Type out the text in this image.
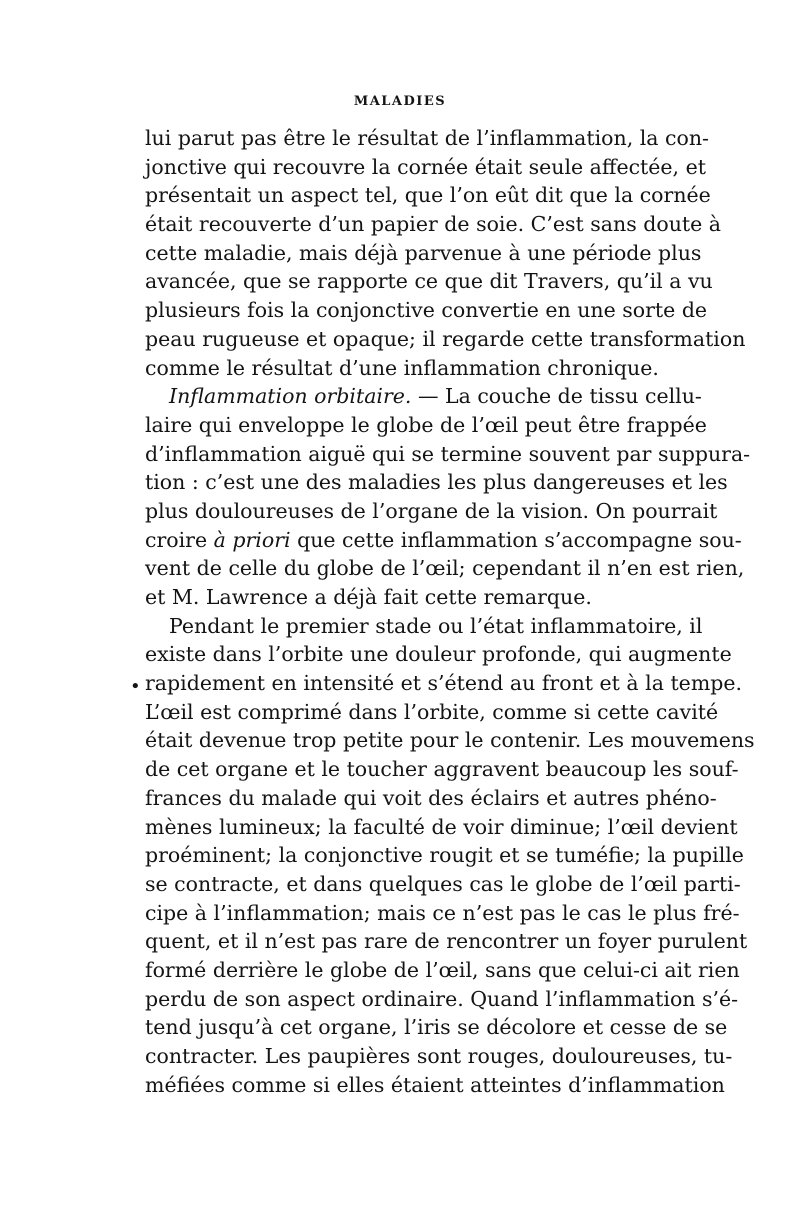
MALADIES
•
lui parut pas être le résultat de l’inflammation, la con-
jonctive qui recouvre la cornée était seule affectée, et
présentait un aspect tel, que l’on eût dit que la cornée
était recouverte d’un papier de soie. C’est sans doute à
cette maladie, mais déjà parvenue à une période plus
avancée, que se rapporte ce que dit Travers, qu’il a vu
plusieurs fois la conjonctive convertie en une sorte de
peau rugueuse et opaque; il regarde cette transformation
comme le résultat d’une inflammation chronique.
Inflammation orbitaire. — La couche de tissu cellu-
laire qui enveloppe le globe de l’œil peut être frappée
d’inflammation aiguë qui se termine souvent par suppura-
tion : c’est une des maladies les plus dangereuses et les
plus douloureuses de l’organe de la vision. On pourrait
croire à priori que cette inflammation s’accompagne sou-
vent de celle du globe de l’œil; cependant il n’en est rien,
et M. Lawrence a déjà fait cette remarque.
Pendant le premier stade ou l’état inflammatoire, il
existe dans l’orbite une douleur profonde, qui augmente
rapidement en intensité et s’étend au front et à la tempe.
L’œil est comprimé dans l’orbite, comme si cette cavité
était devenue trop petite pour le contenir. Les mouvemens
de cet organe et le toucher aggravent beaucoup les souf-
frances du malade qui voit des éclairs et autres phéno-
mènes lumineux; la faculté de voir diminue; l’œil devient
proéminent; la conjonctive rougit et se tuméfie; la pupille
se contracte, et dans quelques cas le globe de l’œil parti-
cipe à l’inflammation; mais ce n’est pas le cas le plus fré-
quent, et il n’est pas rare de rencontrer un foyer purulent
formé derrière le globe de l’œil, sans que celui-ci ait rien
perdu de son aspect ordinaire. Quand l’inflammation s’é-
tend jusqu’à cet organe, l’iris se décolore et cesse de se
contracter. Les paupières sont rouges, douloureuses, tu-
méfiées comme si elles étaient atteintes d’inflammation
